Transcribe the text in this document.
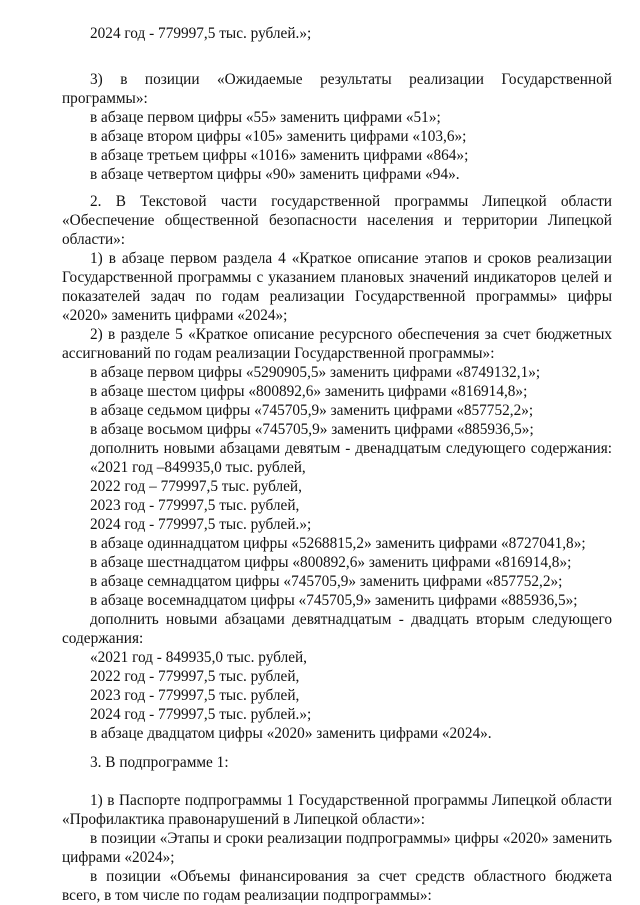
2024 год - 779997,5 тыс. рублей.»;
3) в позиции «Ожидаемые результаты реализации Государственной
программы»:
в абзаце первом цифры «55» заменить цифрами «51»;
в абзаце втором цифры «105» заменить цифрами «103,6»;
в абзаце третьем цифры «1016» заменить цифрами «864»;
в абзаце четвертом цифры «90» заменить цифрами «94».
2. В Текстовой части государственной программы Липецкой области
«Обеспечение общественной безопасности населения и территории Липецкой
области»:
1) в абзаце первом раздела 4 «Краткое описание этапов и сроков реализации
Государственной программы с указанием плановых значений индикаторов целей и
показателей задач по годам реализации Государственной программы» цифры
«2020» заменить цифрами «2024»;
2) в разделе 5 «Краткое описание ресурсного обеспечения за счет бюджетных
ассигнований по годам реализации Государственной программы»:
в абзаце первом цифры «5290905,5» заменить цифрами «8749132,1»;
в абзаце шестом цифры «800892,6» заменить цифрами «816914,8»;
в абзаце седьмом цифры «745705,9» заменить цифрами «857752,2»;
в абзаце восьмом цифры «745705,9» заменить цифрами «885936,5»;
дополнить новыми абзацами девятым - двенадцатым следующего содержания:
«2021 год –849935,0 тыс. рублей,
2022 год – 779997,5 тыс. рублей,
2023 год - 779997,5 тыс. рублей,
2024 год - 779997,5 тыс. рублей.»;
в абзаце одиннадцатом цифры «5268815,2» заменить цифрами «8727041,8»;
в абзаце шестнадцатом цифры «800892,6» заменить цифрами «816914,8»;
в абзаце семнадцатом цифры «745705,9» заменить цифрами «857752,2»;
в абзаце восемнадцатом цифры «745705,9» заменить цифрами «885936,5»;
дополнить новыми абзацами девятнадцатым - двадцать вторым следующего
содержания:
«2021 год - 849935,0 тыс. рублей,
2022 год - 779997,5 тыс. рублей,
2023 год - 779997,5 тыс. рублей,
2024 год - 779997,5 тыс. рублей.»;
в абзаце двадцатом цифры «2020» заменить цифрами «2024».
3. В подпрограмме 1:
1) в Паспорте подпрограммы 1 Государственной программы Липецкой области
«Профилактика правонарушений в Липецкой области»:
в позиции «Этапы и сроки реализации подпрограммы» цифры «2020» заменить
цифрами «2024»;
в позиции «Объемы финансирования за счет средств областного бюджета
всего, в том числе по годам реализации подпрограммы»:
